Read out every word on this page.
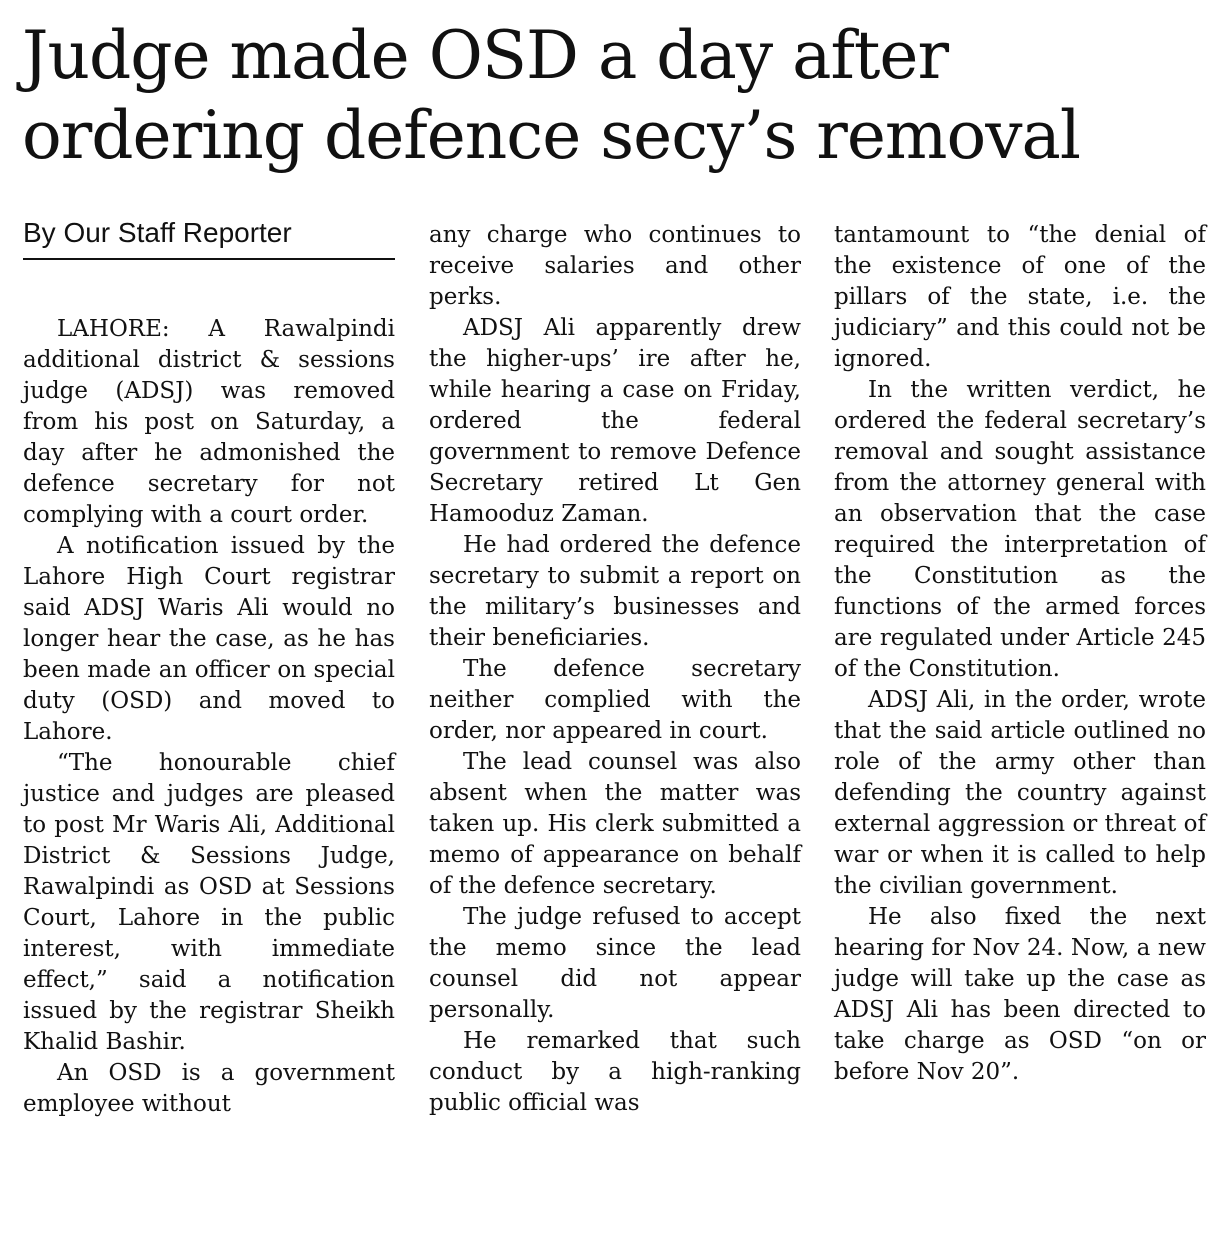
Judge made OSD a day after
ordering defence secy’s removal
By Our Staff Reporter

LAHORE: A Rawalpindi additional district & sessions judge (ADSJ) was removed from his post on Saturday, a day after he admonished the defence secretary for not complying with a court order.

A notification issued by the Lahore High Court registrar said ADSJ Waris Ali would no longer hear the case, as he has been made an officer on special duty (OSD) and moved to Lahore.

“The honourable chief justice and judges are pleased to post Mr Waris Ali, Additional District & Sessions Judge, Rawalpindi as OSD at Sessions Court, Lahore in the public interest, with immediate effect,” said a notification issued by the registrar Sheikh Khalid Bashir.

An OSD is a government employee without

any charge who continues to receive salaries and other perks.

ADSJ Ali apparently drew the higher-ups’ ire after he, while hearing a case on Friday, ordered the federal government to remove Defence Secretary retired Lt Gen Hamooduz Zaman.

He had ordered the defence secretary to submit a report on the military’s businesses and their beneficiaries.

The defence secretary neither complied with the order, nor appeared in court.

The lead counsel was also absent when the matter was taken up. His clerk submitted a memo of appearance on behalf of the defence secretary.

The judge refused to accept the memo since the lead counsel did not appear personally.

He remarked that such conduct by a high-ranking public official was

tantamount to “the denial of the existence of one of the pillars of the state, i.e. the judiciary” and this could not be ignored.

In the written verdict, he ordered the federal secretary’s removal and sought assistance from the attorney general with an observation that the case required the interpretation of the Constitution as the functions of the armed forces are regulated under Article 245 of the Constitution.

ADSJ Ali, in the order, wrote that the said article outlined no role of the army other than defending the country against external aggression or threat of war or when it is called to help the civilian government.

He also fixed the next hearing for Nov 24. Now, a new judge will take up the case as ADSJ Ali has been directed to take charge as OSD “on or before Nov 20”.
